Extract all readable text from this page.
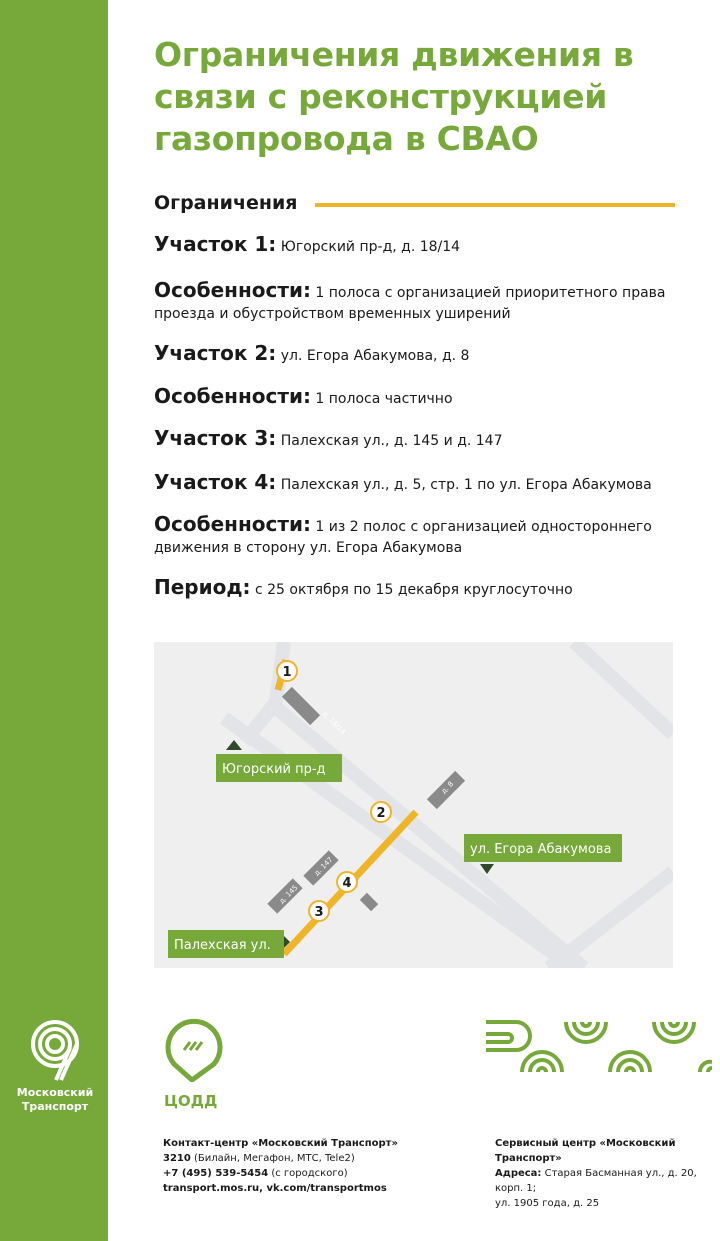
Московский
Транспорт
Ограничения движения в связи с реконструкцией газопровода в СВАО
Ограничения
Участок 1: Югорский пр-д, д. 18/14
Особенности: 1 полоса с организацией приоритетного права проезда и обустройством временных уширений
Участок 2: ул. Егора Абакумова, д. 8
Особенности: 1 полоса частично
Участок 3: Палехская ул., д. 145 и д. 147
Участок 4: Палехская ул., д. 5, стр. 1 по ул. Егора Абакумова
Особенности: 1 из 2 полос с организацией одностороннего движения в сторону ул. Егора Абакумова
Период: с 25 октября по 15 декабря круглосуточно
д. 18/14
д. 8
д. 147
д. 145
Югорский пр-д
ул. Егора Абакумова
Палехская ул.
1
2
3
4
ЦОДД
Контакт-центр «Московский Транспорт»
3210 (Билайн, Мегафон, МТС, Tele2)
+7 (495) 539-5454 (с городского)
transport.mos.ru, vk.com/transportmos
Сервисный центр «Московский Транспорт»
Адреса: Старая Басманная ул., д. 20, корп. 1;
ул. 1905 года, д. 25
